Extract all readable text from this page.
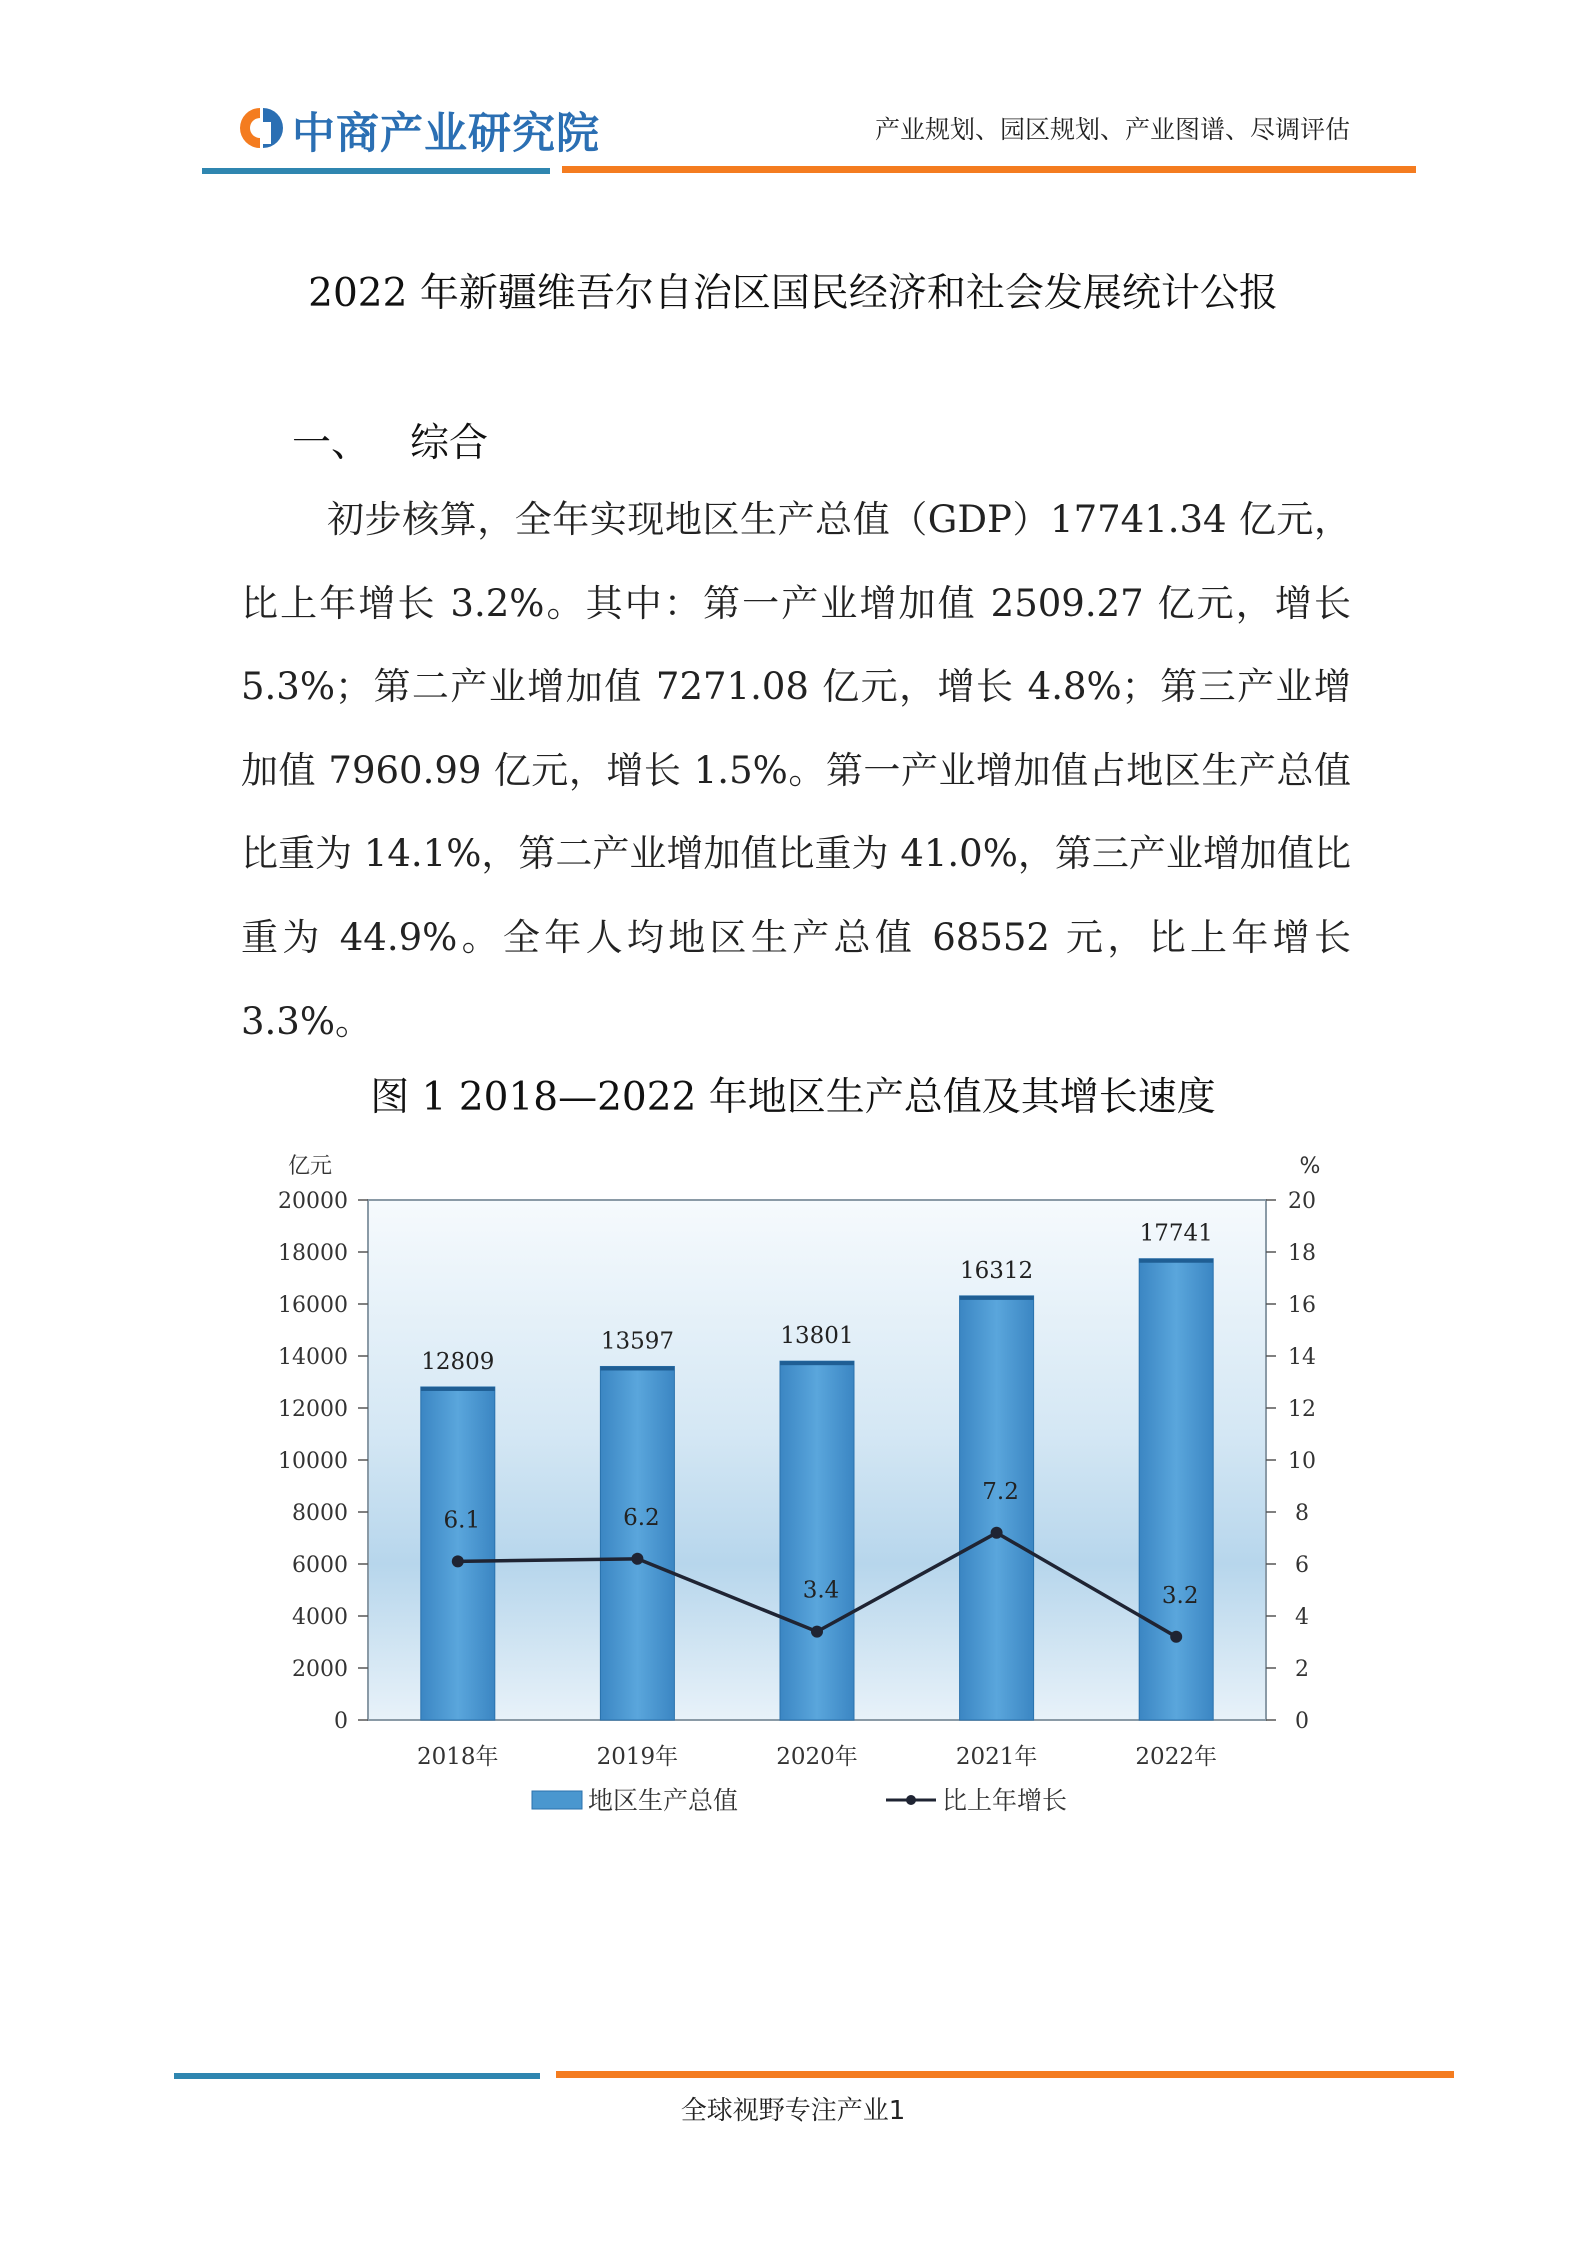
中商产业研究院	产业规划、园区规划、产业图谱、尽调评估
2022 年新疆维吾尔自治区国民经济和社会发展统计公报
一、 综合

初步核算，全年实现地区生产总值（GDP）17741.34 亿元，比上年增长 3.2%。其中：第一产业增加值 2509.27 亿元，增长 5.3%；第二产业增加值 7271.08 亿元，增长 4.8%；第三产业增加值 7960.99 亿元，增长 1.5%。第一产业增加值占地区生产总值比重为 14.1%，第二产业增加值比重为 41.0%，第三产业增加值比重为 44.9%。全年人均地区生产总值 68552 元，比上年增长 3.3%。

图 1 2018—2022 年地区生产总值及其增长速度
亿元	%
0
2000
4000
6000
8000
10000
12000
14000
16000
18000
20000
0
2
4
6
8
10
12
14
16
18
20
12809
13597	13801
16312
17741
6.1	6.2
3.4
7.2
3.2
2018年	2019年	2020年	2021年	2022年
地区生产总值	比上年增长
全球视野专注产业1
